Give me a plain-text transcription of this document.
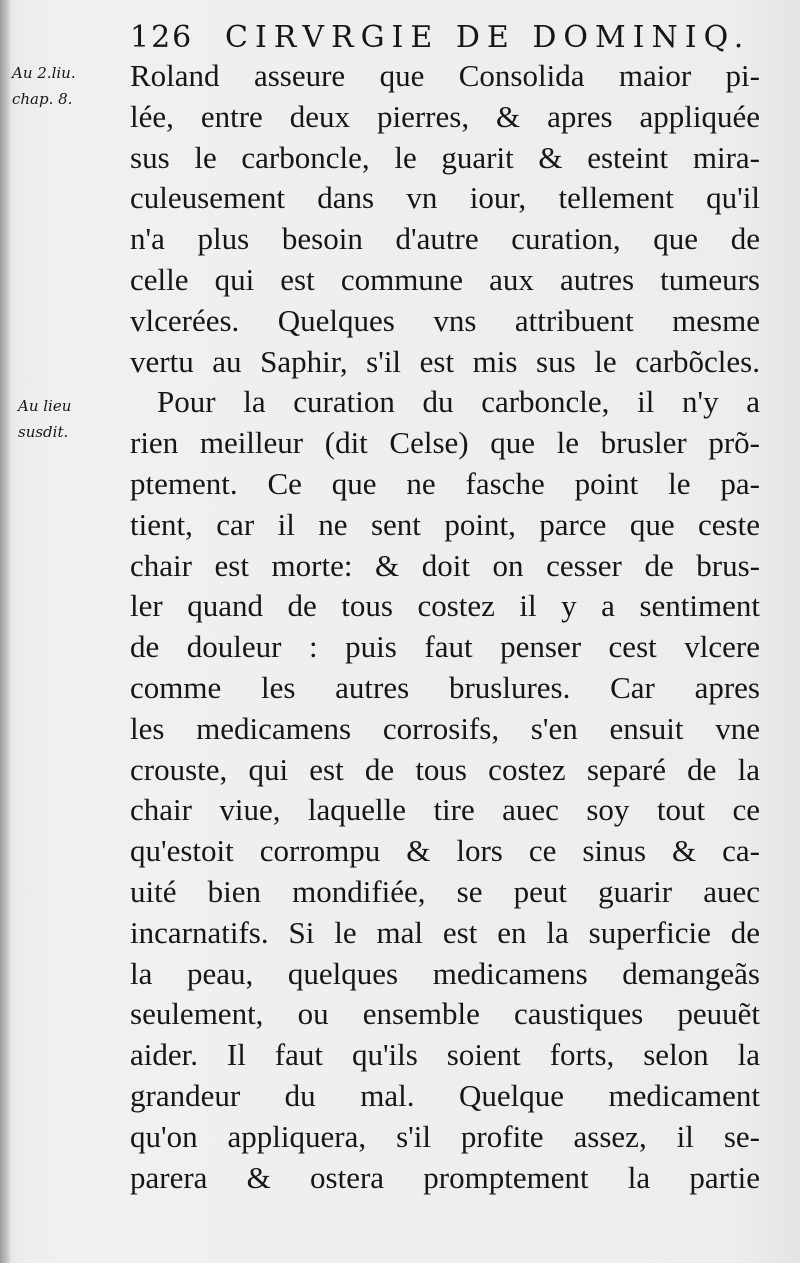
126 CIRVRGIE DE DOMINIQ.
Au 2.liu.
chap. 8.
Au lieu
susdit.
Roland asseure que Consolida maior pi-
lée, entre deux pierres, & apres appliquée
sus le carboncle, le guarit & esteint mira-
culeusement dans vn iour, tellement qu'il
n'a plus besoin d'autre curation, que de
celle qui est commune aux autres tumeurs
vlcerées. Quelques vns attribuent mesme
vertu au Saphir, s'il est mis sus le carbõcles.
Pour la curation du carboncle, il n'y a
rien meilleur (dit Celse) que le brusler prõ-
ptement. Ce que ne fasche point le pa-
tient, car il ne sent point, parce que ceste
chair est morte: & doit on cesser de brus-
ler quand de tous costez il y a sentiment
de douleur : puis faut penser cest vlcere
comme les autres bruslures. Car apres
les medicamens corrosifs, s'en ensuit vne
crouste, qui est de tous costez separé de la
chair viue, laquelle tire auec soy tout ce
qu'estoit corrompu & lors ce sinus & ca-
uité bien mondifiée, se peut guarir auec
incarnatifs. Si le mal est en la superficie de
la peau, quelques medicamens demangeãs
seulement, ou ensemble caustiques peuuẽt
aider. Il faut qu'ils soient forts, selon la
grandeur du mal. Quelque medicament
qu'on appliquera, s'il profite assez, il se-
parera & ostera promptement la partie
